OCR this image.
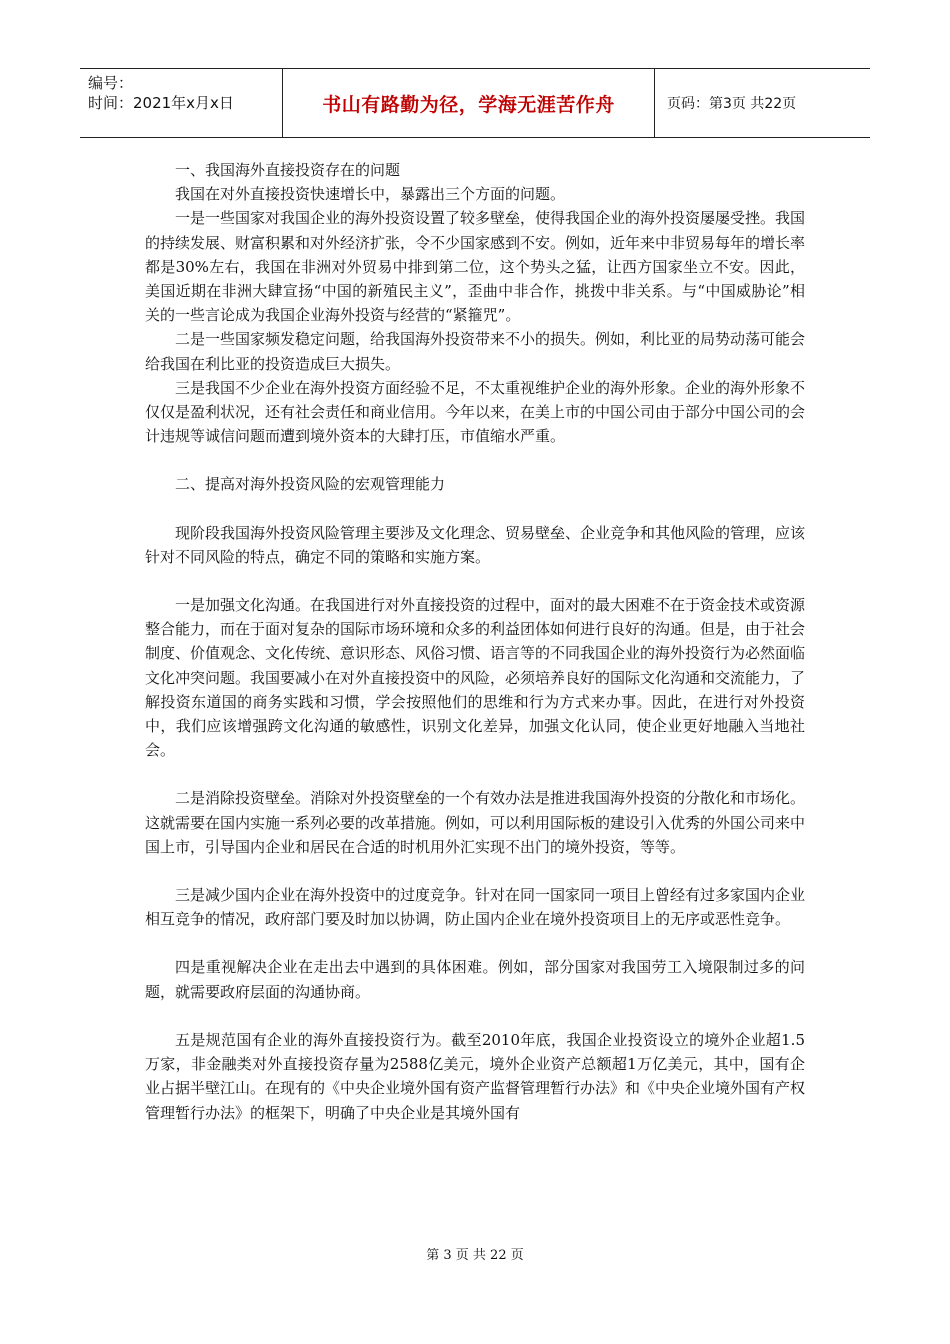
编号：
时间：2021年x月x日	书山有路勤为径，学海无涯苦作舟	页码：第3页 共22页

一、我国海外直接投资存在的问题

我国在对外直接投资快速增长中，暴露出三个方面的问题。

一是一些国家对我国企业的海外投资设置了较多壁垒，使得我国企业的海外投资屡屡受挫。我国的持续发展、财富积累和对外经济扩张，令不少国家感到不安。例如，近年来中非贸易每年的增长率都是30%左右，我国在非洲对外贸易中排到第二位，这个势头之猛，让西方国家坐立不安。因此，美国近期在非洲大肆宣扬“中国的新殖民主义”，歪曲中非合作，挑拨中非关系。与“中国威胁论”相关的一些言论成为我国企业海外投资与经营的“紧箍咒”。

二是一些国家频发稳定问题，给我国海外投资带来不小的损失。例如，利比亚的局势动荡可能会给我国在利比亚的投资造成巨大损失。

三是我国不少企业在海外投资方面经验不足，不太重视维护企业的海外形象。企业的海外形象不仅仅是盈利状况，还有社会责任和商业信用。今年以来，在美上市的中国公司由于部分中国公司的会计违规等诚信问题而遭到境外资本的大肆打压，市值缩水严重。

二、提高对海外投资风险的宏观管理能力

现阶段我国海外投资风险管理主要涉及文化理念、贸易壁垒、企业竞争和其他风险的管理，应该针对不同风险的特点，确定不同的策略和实施方案。

一是加强文化沟通。在我国进行对外直接投资的过程中，面对的最大困难不在于资金技术或资源整合能力，而在于面对复杂的国际市场环境和众多的利益团体如何进行良好的沟通。但是，由于社会制度、价值观念、文化传统、意识形态、风俗习惯、语言等的不同我国企业的海外投资行为必然面临文化冲突问题。我国要减小在对外直接投资中的风险，必须培养良好的国际文化沟通和交流能力，了解投资东道国的商务实践和习惯，学会按照他们的思维和行为方式来办事。因此，在进行对外投资中，我们应该增强跨文化沟通的敏感性，识别文化差异，加强文化认同，使企业更好地融入当地社会。

二是消除投资壁垒。消除对外投资壁垒的一个有效办法是推进我国海外投资的分散化和市场化。这就需要在国内实施一系列必要的改革措施。例如，可以利用国际板的建设引入优秀的外国公司来中国上市，引导国内企业和居民在合适的时机用外汇实现不出门的境外投资，等等。

三是减少国内企业在海外投资中的过度竞争。针对在同一国家同一项目上曾经有过多家国内企业相互竞争的情况，政府部门要及时加以协调，防止国内企业在境外投资项目上的无序或恶性竞争。

四是重视解决企业在走出去中遇到的具体困难。例如，部分国家对我国劳工入境限制过多的问题，就需要政府层面的沟通协商。

五是规范国有企业的海外直接投资行为。截至2010年底，我国企业投资设立的境外企业超1.5万家，非金融类对外直接投资存量为2588亿美元，境外企业资产总额超1万亿美元，其中，国有企业占据半壁江山。在现有的《中央企业境外国有资产监督管理暂行办法》和《中央企业境外国有产权管理暂行办法》的框架下，明确了中央企业是其境外国有

第 3 页 共 22 页
